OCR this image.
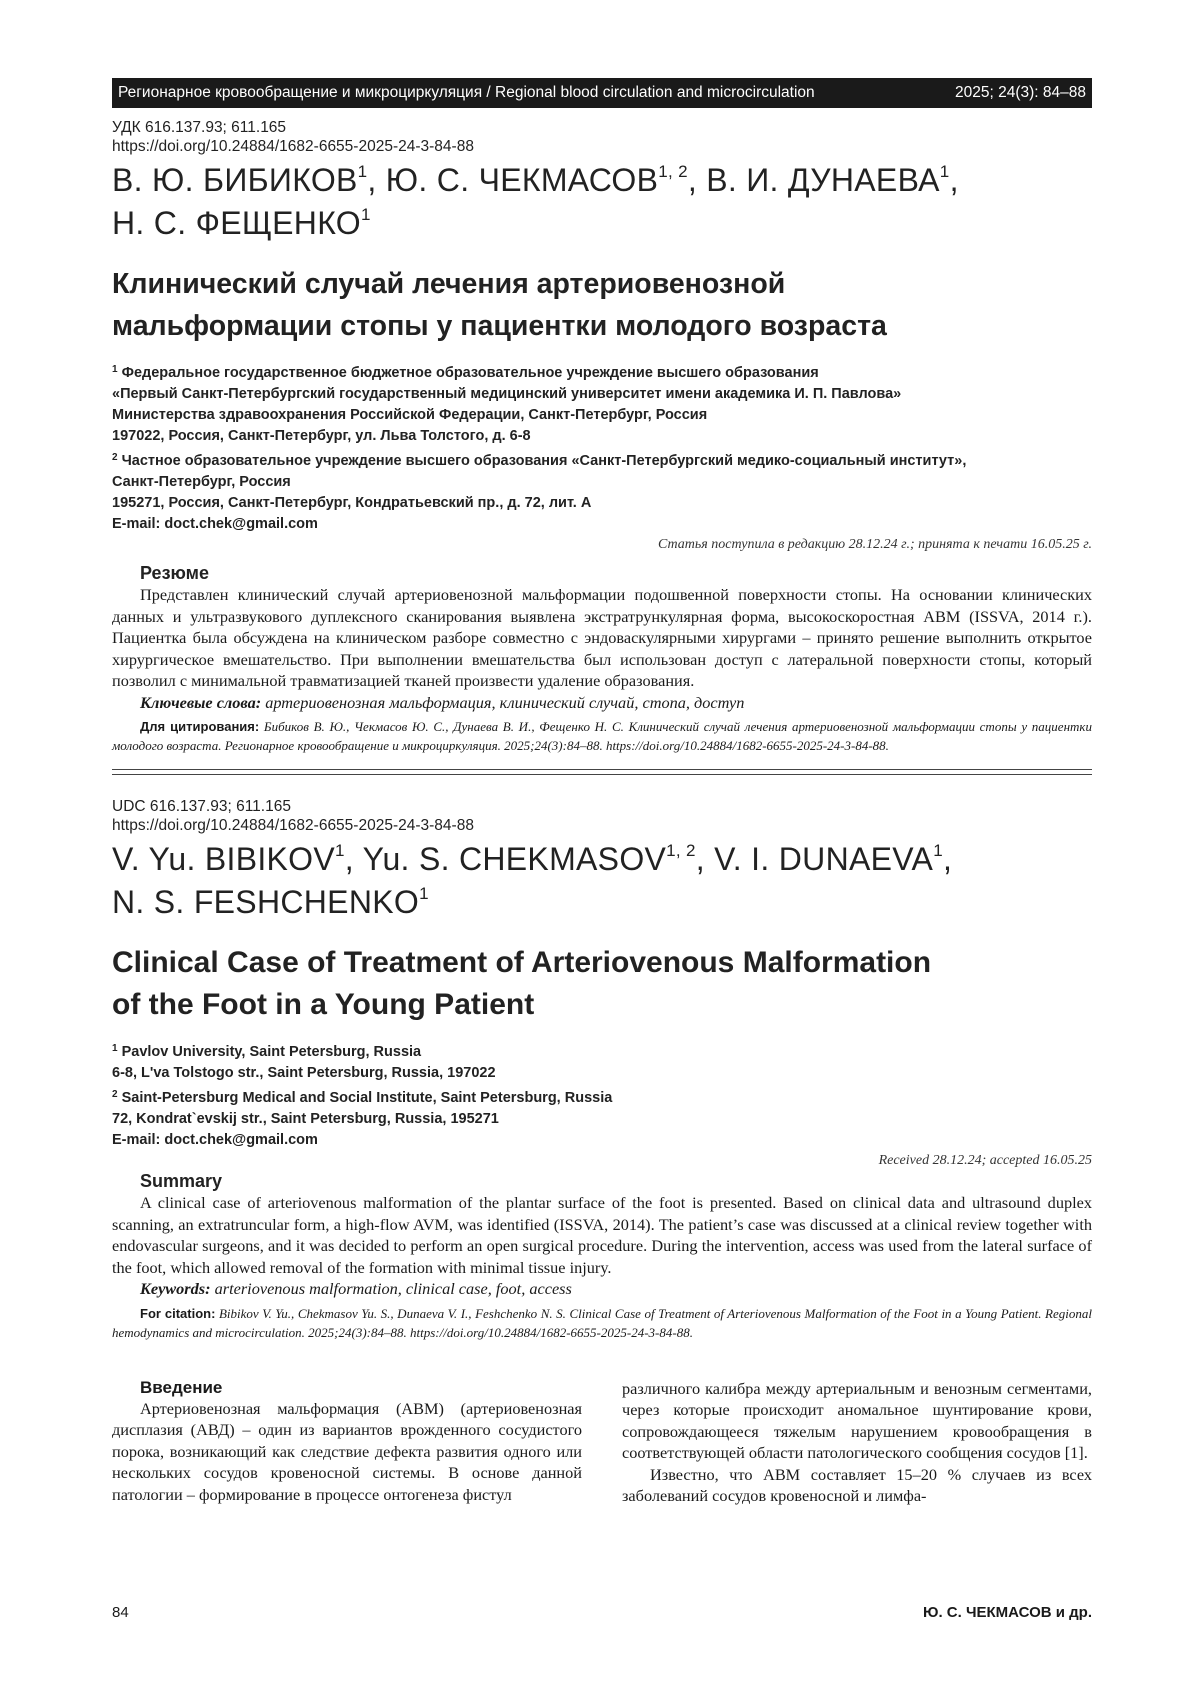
Регионарное кровообращение и микроциркуляция / Regional blood circulation and microcirculation	2025; 24(3): 84–88
УДК 616.137.93; 611.165
https://doi.org/10.24884/1682-6655-2025-24-3-84-88
В. Ю. БИБИКОВ1, Ю. С. ЧЕКМАСОВ1, 2, В. И. ДУНАЕВА1,
Н. С. ФЕЩЕНКО1
Клинический случай лечения артериовенозной
мальформации стопы у пациентки молодого возраста
1 Федеральное государственное бюджетное образовательное учреждение высшего образования
«Первый Санкт-Петербургский государственный медицинский университет имени академика И. П. Павлова»
Министерства здравоохранения Российской Федерации, Санкт-Петербург, Россия
197022, Россия, Санкт-Петербург, ул. Льва Толстого, д. 6-8
2 Частное образовательное учреждение высшего образования «Санкт-Петербургский медико-социальный институт»,
Санкт-Петербург, Россия
195271, Россия, Санкт-Петербург, Кондратьевский пр., д. 72, лит. А
E-mail: doct.chek@gmail.com
Статья поступила в редакцию 28.12.24 г.; принята к печати 16.05.25 г.
Резюме
Представлен клинический случай артериовенозной мальформации подошвенной поверхности стопы. На основании клинических данных и ультразвукового дуплексного сканирования выявлена экстратрункулярная форма, высокоскоростная АВМ (ISSVA, 2014 г.). Пациентка была обсуждена на клиническом разборе совместно с эндоваскулярными хирургами – принято решение выполнить открытое хирургическое вмешательство. При выполнении вмешательства был использован доступ с латеральной поверхности стопы, который позволил с минимальной травматизацией тканей произвести удаление образования.
Ключевые слова: артериовенозная мальформация, клинический случай, стопа, доступ
Для цитирования: Бибиков В. Ю., Чекмасов Ю. С., Дунаева В. И., Фещенко Н. С. Клинический случай лечения артериовенозной мальформации стопы у пациентки молодого возраста. Регионарное кровообращение и микроциркуляция. 2025;24(3):84–88. https://doi.org/10.24884/1682-6655-2025-24-3-84-88.
UDC 616.137.93; 611.165
https://doi.org/10.24884/1682-6655-2025-24-3-84-88
V. Yu. BIBIKOV1, Yu. S. CHEKMASOV1, 2, V. I. DUNAEVA1,
N. S. FESHCHENKO1
Clinical Case of Treatment of Arteriovenous Malformation
of the Foot in a Young Patient
1 Pavlov University, Saint Petersburg, Russia
6-8, L'va Tolstogo str., Saint Petersburg, Russia, 197022
2 Saint-Petersburg Medical and Social Institute, Saint Petersburg, Russia
72, Kondrat`evskij str., Saint Petersburg, Russia, 195271
E-mail: doct.chek@gmail.com
Received 28.12.24; accepted 16.05.25
Summary
A clinical case of arteriovenous malformation of the plantar surface of the foot is presented. Based on clinical data and ultrasound duplex scanning, an extratruncular form, a high-flow AVM, was identified (ISSVA, 2014). The patient’s case was discussed at a clinical review together with endovascular surgeons, and it was decided to perform an open surgical procedure. During the intervention, access was used from the lateral surface of the foot, which allowed removal of the formation with minimal tissue injury.
Keywords: arteriovenous malformation, clinical case, foot, access
For citation: Bibikov V. Yu., Chekmasov Yu. S., Dunaeva V. I., Feshchenko N. S. Clinical Case of Treatment of Arteriovenous Malformation of the Foot in a Young Patient. Regional hemodynamics and microcirculation. 2025;24(3):84–88. https://doi.org/10.24884/1682-6655-2025-24-3-84-88.
Введение

Артериовенозная мальформация (АВМ) (артериовенозная дисплазия (АВД) – один из вариантов врожденного сосудистого порока, возникающий как следствие дефекта развития одного или нескольких сосудов кровеносной системы. В основе данной патологии – формирование в процессе онтогенеза фистул

различного калибра между артериальным и венозным сегментами, через которые происходит аномальное шунтирование крови, сопровождающееся тяжелым нарушением кровообращения в соответствующей области патологического сообщения сосудов [1].

Известно, что АВМ составляет 15–20 % случаев из всех заболеваний сосудов кровеносной и лимфа-

84	Ю. С. ЧЕКМАСОВ и др.
